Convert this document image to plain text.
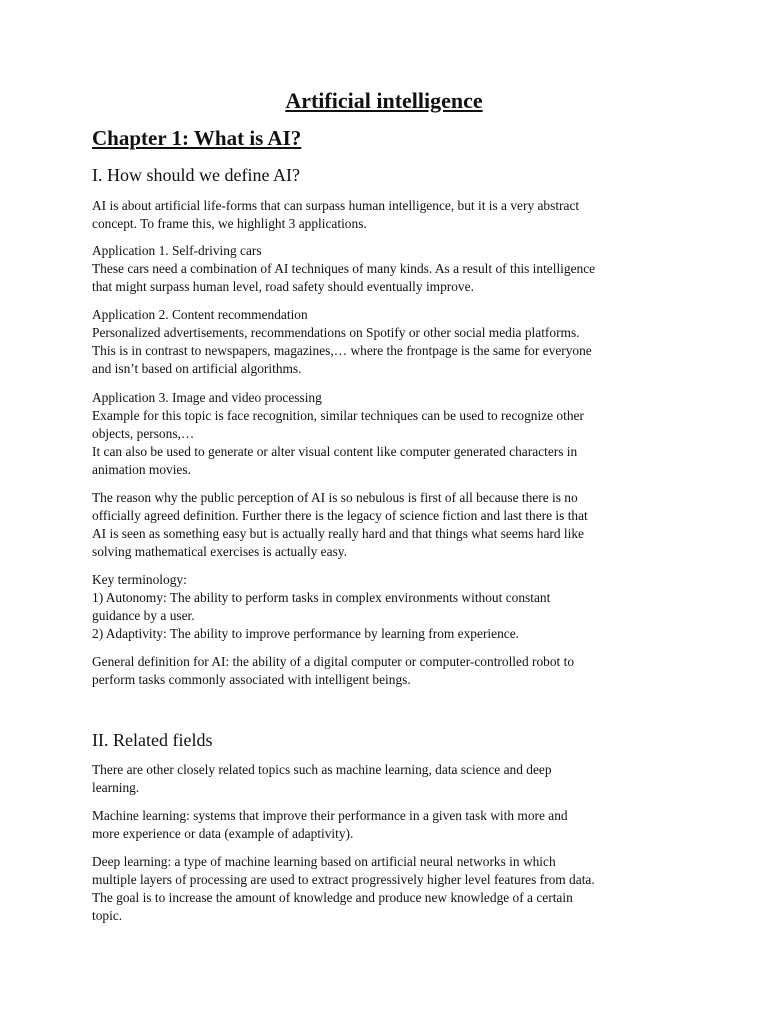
Artificial intelligence
Chapter 1: What is AI?
I. How should we define AI?

AI is about artificial life-forms that can surpass human intelligence, but it is a very abstract
concept. To frame this, we highlight 3 applications.

Application 1. Self-driving cars
These cars need a combination of AI techniques of many kinds. As a result of this intelligence
that might surpass human level, road safety should eventually improve.

Application 2. Content recommendation
Personalized advertisements, recommendations on Spotify or other social media platforms.
This is in contrast to newspapers, magazines,… where the frontpage is the same for everyone
and isn’t based on artificial algorithms.

Application 3. Image and video processing
Example for this topic is face recognition, similar techniques can be used to recognize other
objects, persons,…
It can also be used to generate or alter visual content like computer generated characters in
animation movies.

The reason why the public perception of AI is so nebulous is first of all because there is no
officially agreed definition. Further there is the legacy of science fiction and last there is that
AI is seen as something easy but is actually really hard and that things what seems hard like
solving mathematical exercises is actually easy.

Key terminology:
1) Autonomy: The ability to perform tasks in complex environments without constant
guidance by a user.
2) Adaptivity: The ability to improve performance by learning from experience.

General definition for AI: the ability of a digital computer or computer-controlled robot to
perform tasks commonly associated with intelligent beings.

II. Related fields

There are other closely related topics such as machine learning, data science and deep
learning.

Machine learning: systems that improve their performance in a given task with more and
more experience or data (example of adaptivity).

Deep learning: a type of machine learning based on artificial neural networks in which
multiple layers of processing are used to extract progressively higher level features from data.
The goal is to increase the amount of knowledge and produce new knowledge of a certain
topic.
